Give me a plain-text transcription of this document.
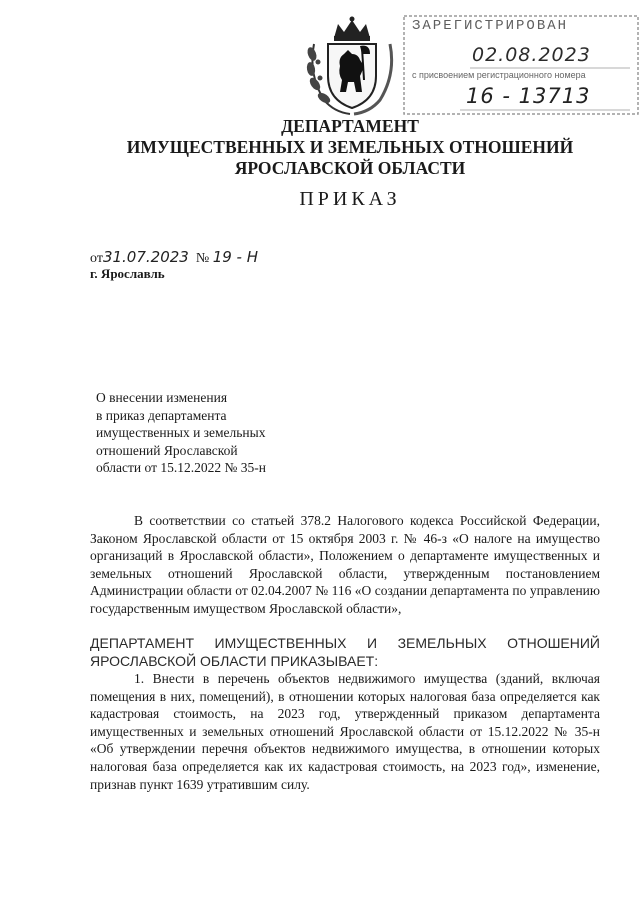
ЗАРЕГИСТРИРОВАН
02.08.2023
с присвоением регистрационного номера
16 - 13713
ДЕПАРТАМЕНТ
ИМУЩЕСТВЕННЫХ И ЗЕМЕЛЬНЫХ ОТНОШЕНИЙ
ЯРОСЛАВСКОЙ ОБЛАСТИ
ПРИКАЗ
от31.07.2023 № 19 - Н
г. Ярославль
О внесении изменения
в приказ департамента
имущественных и земельных
отношений Ярославской
области от 15.12.2022 № 35-н

В соответствии со статьей 378.2 Налогового кодекса Российской Федерации, Законом Ярославской области от 15 октября 2003 г. № 46-з «О налоге на имущество организаций в Ярославской области», Положением о департаменте имущественных и земельных отношений Ярославской области, утвержденным постановлением Администрации области от 02.04.2007 № 116 «О создании департамента по управлению государственным имуществом Ярославской области»,

ДЕПАРТАМЕНТ ИМУЩЕСТВЕННЫХ И ЗЕМЕЛЬНЫХ ОТНОШЕНИЙ ЯРОСЛАВСКОЙ ОБЛАСТИ ПРИКАЗЫВАЕТ:

1. Внести в перечень объектов недвижимого имущества (зданий, включая помещения в них, помещений), в отношении которых налоговая база определяется как кадастровая стоимость, на 2023 год, утвержденный приказом департамента имущественных и земельных отношений Ярославской области от 15.12.2022 № 35-н «Об утверждении перечня объектов недвижимого имущества, в отношении которых налоговая база определяется как их кадастровая стоимость, на 2023 год», изменение, признав пункт 1639 утратившим силу.
